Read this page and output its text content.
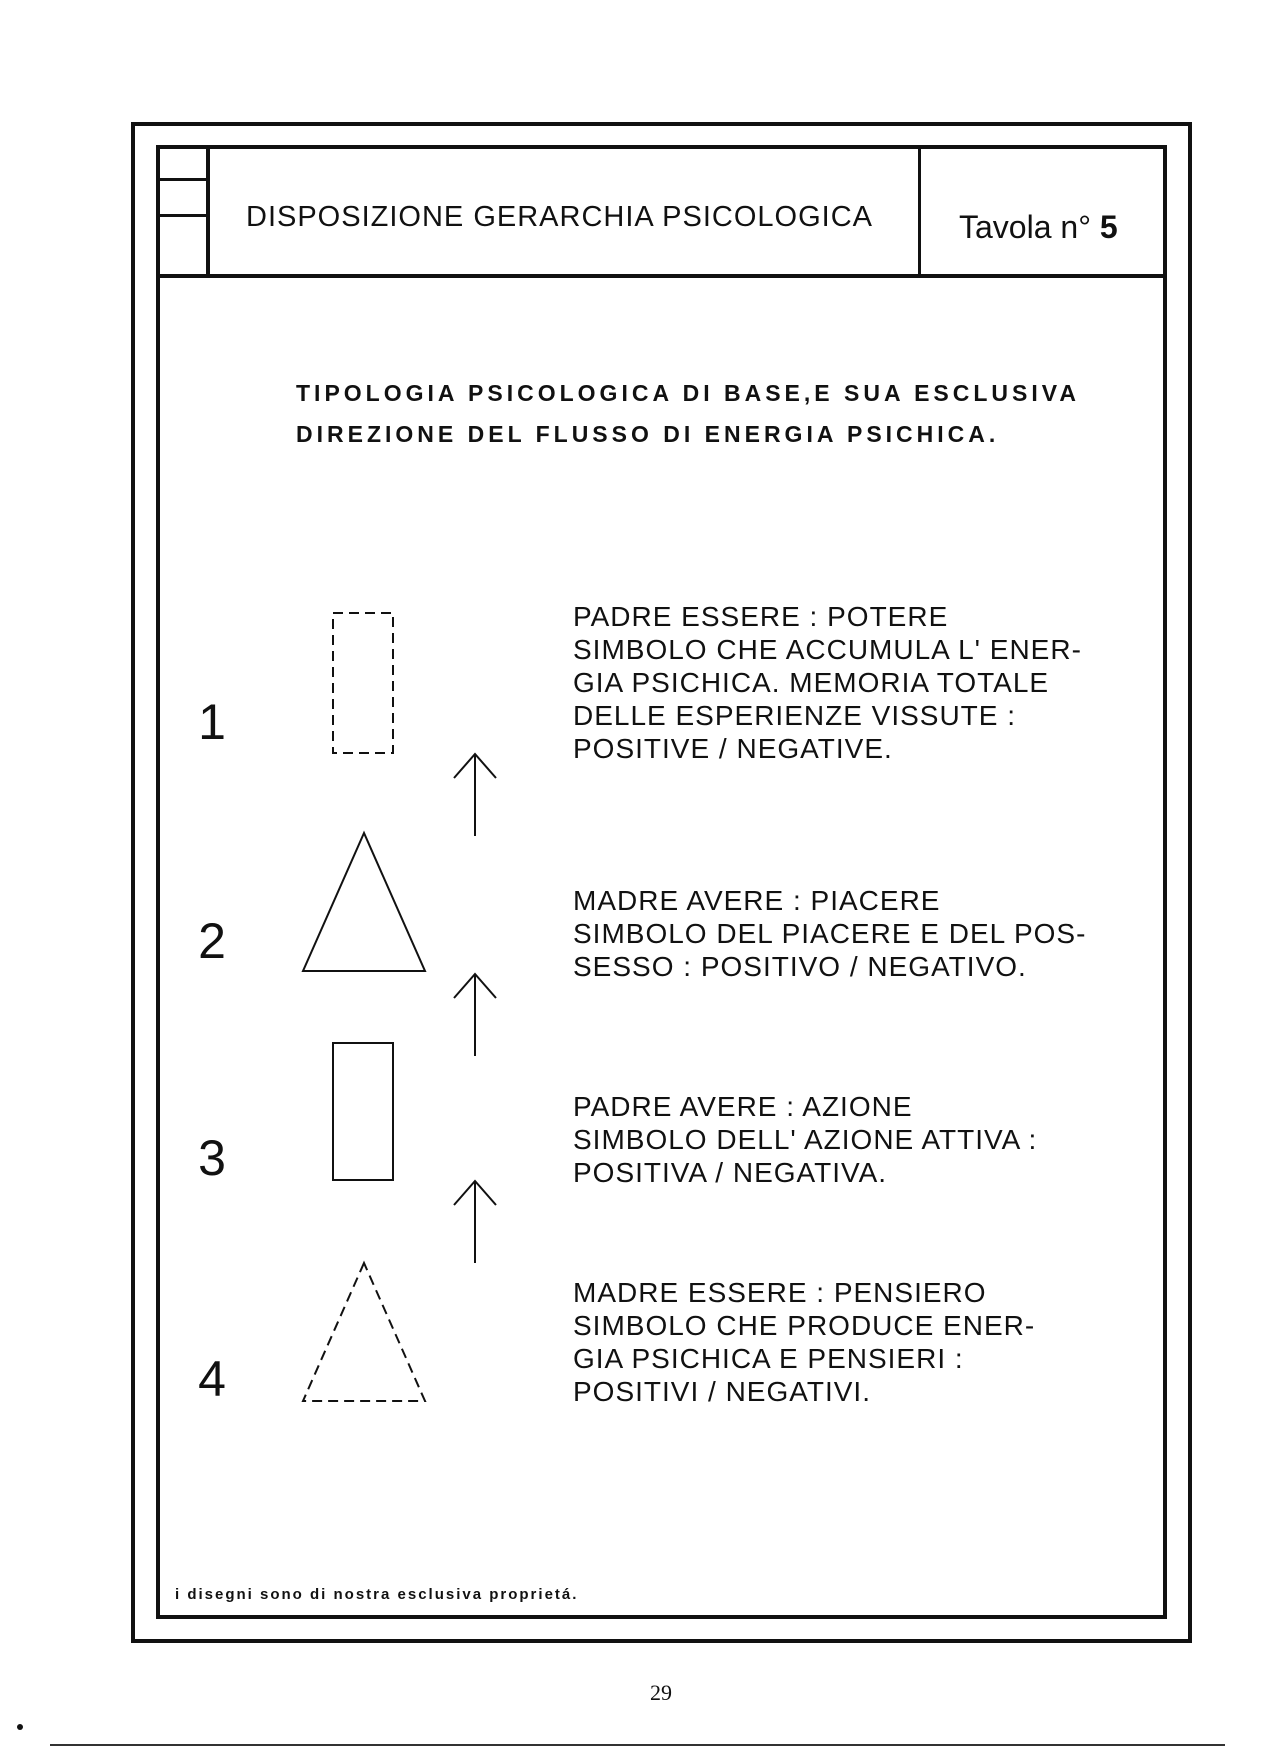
DISPOSIZIONE GERARCHIA PSICOLOGICA	Tavola n° 5
TIPOLOGIA PSICOLOGICA DI BASE,E SUA ESCLUSIVA
DIREZIONE DEL FLUSSO DI ENERGIA PSICHICA.
1
PADRE ESSERE : POTERE
SIMBOLO CHE ACCUMULA L' ENER-
GIA PSICHICA. MEMORIA TOTALE
DELLE ESPERIENZE VISSUTE :
POSITIVE / NEGATIVE.
2
MADRE AVERE : PIACERE
SIMBOLO DEL PIACERE E DEL POS-
SESSO : POSITIVO / NEGATIVO.
3
PADRE AVERE : AZIONE
SIMBOLO DELL' AZIONE ATTIVA :
POSITIVA / NEGATIVA.
4
MADRE ESSERE : PENSIERO
SIMBOLO CHE PRODUCE ENER-
GIA PSICHICA E PENSIERI :
POSITIVI / NEGATIVI.
i disegni sono di nostra esclusiva proprietá.
29
